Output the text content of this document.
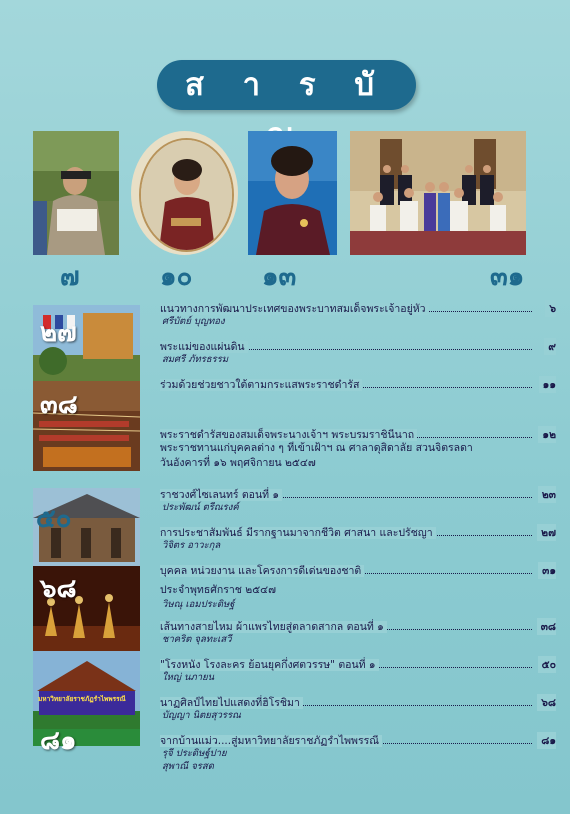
ส า ร บั
๗	๑๐	๑๓	๓๑
มหาวิทยาลัยราชภัฏรำไพพรรณี
๒๗
๓๘
๕๐
๖๘
๘๑
แนวทางการพัฒนาประเทศของพระบาทสมเด็จพระเจ้าอยู่หัว	๖
ศรีบัตย์ บุญทอง
พระแม่ของแผ่นดิน	๙
สมศรี ภัทรธรรม
ร่วมด้วยช่วยชาวใต้ตามกระแสพระราชดำรัส	๑๑
พระราชดำรัสของสมเด็จพระนางเจ้าฯ พระบรมราชินีนาถ	๑๒
พระราชทานแก่บุคคลต่าง ๆ ที่เข้าเฝ้าฯ ณ ศาลาดุสิดาลัย สวนจิตรลดา
วันอังคารที่ ๑๖ พฤศจิกายน ๒๕๔๗
ราชวงศ์ไซเลนทร์ ตอนที่ ๑	๒๓
ประพัฒน์ ตรีณรงค์
การประชาสัมพันธ์ มีรากฐานมาจากชีวิต ศาสนา และปรัชญา	๒๗
วิจิตร อาวะกุล
บุคคล หน่วยงาน และโครงการดีเด่นของชาติ	๓๑
ประจำพุทธศักราช ๒๕๔๗
วิษณุ เอมประดิษฐ์
เส้นทางสายไหม ผ้าแพรไทยสู่ตลาดสากล ตอนที่ ๑	๓๘
ชาคริต จุลทะเสวี
"โรงหนัง โรงละคร ย้อนยุคกึ่งศตวรรษ" ตอนที่ ๑	๕๐
ใหญ่ นภายน
นาฏศิลป์ไทยไปแสดงที่ฮิโรชิมา	๖๘
บัญญา นิตยสุวรรณ
จากบ้านแม่ว....สู่มหาวิทยาลัยราชภัฏรำไพพรรณี	๘๑
รุจี ประดิษฐ์ปาย
สุพาณี จรสด
